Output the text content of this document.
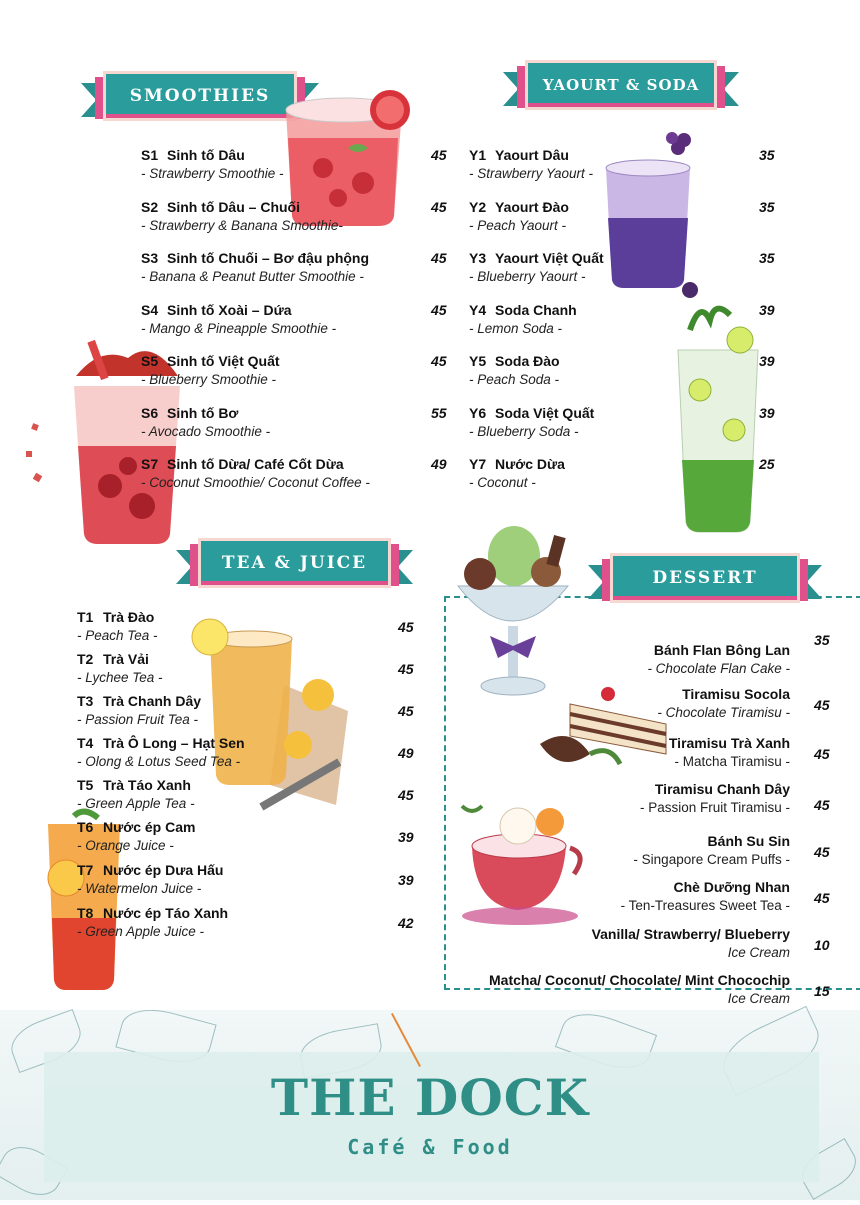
SMOOTHIES
S1 Sinh tố Dâu
- Strawberry Smoothie -
45
S2 Sinh tố Dâu – Chuối
- Strawberry & Banana Smoothie-
45
S3 Sinh tố Chuối – Bơ đậu phộng
- Banana & Peanut Butter Smoothie -
45
S4 Sinh tố Xoài – Dứa
- Mango & Pineapple Smoothie -
45
S5 Sinh tố Việt Quất
- Blueberry Smoothie -
45
S6 Sinh tố Bơ
- Avocado Smoothie -
55
S7 Sinh tố Dừa/ Café Cốt Dừa
- Coconut Smoothie/ Coconut Coffee -
49
YAOURT & SODA
Y1 Yaourt Dâu
- Strawberry Yaourt -
35
Y2 Yaourt Đào
- Peach Yaourt -
35
Y3 Yaourt Việt Quất
- Blueberry Yaourt -
35
Y4 Soda Chanh
- Lemon Soda -
39
Y5 Soda Đào
- Peach Soda -
39
Y6 Soda Việt Quất
- Blueberry Soda -
39
Y7 Nước Dừa
- Coconut -
25
TEA & JUICE
T1 Trà Đào
- Peach Tea -
45
T2 Trà Vải
- Lychee Tea -
45
T3 Trà Chanh Dây
- Passion Fruit Tea -
45
T4 Trà Ô Long – Hạt Sen
- Olong & Lotus Seed Tea -
49
T5 Trà Táo Xanh
- Green Apple Tea -
45
T6 Nước ép Cam
- Orange Juice -
39
T7 Nước ép Dưa Hấu
- Watermelon Juice -
39
T8 Nước ép Táo Xanh
- Green Apple Juice -
42
DESSERT
Bánh Flan Bông Lan
- Chocolate Flan Cake -
35
Tiramisu Socola
- Chocolate Tiramisu - 45
Tiramisu Trà Xanh
- Matcha Tiramisu - 45
Tiramisu Chanh Dây
- Passion Fruit Tiramisu - 45
Bánh Su Sin
- Singapore Cream Puffs - 45
Chè Dưỡng Nhan
- Ten-Treasures Sweet Tea - 45
Vanilla/ Strawberry/ Blueberry
Ice Cream 10
Matcha/ Coconut/ Chocolate/ Mint Chocochip
Ice Cream 15
THE DOCK
Café & Food
